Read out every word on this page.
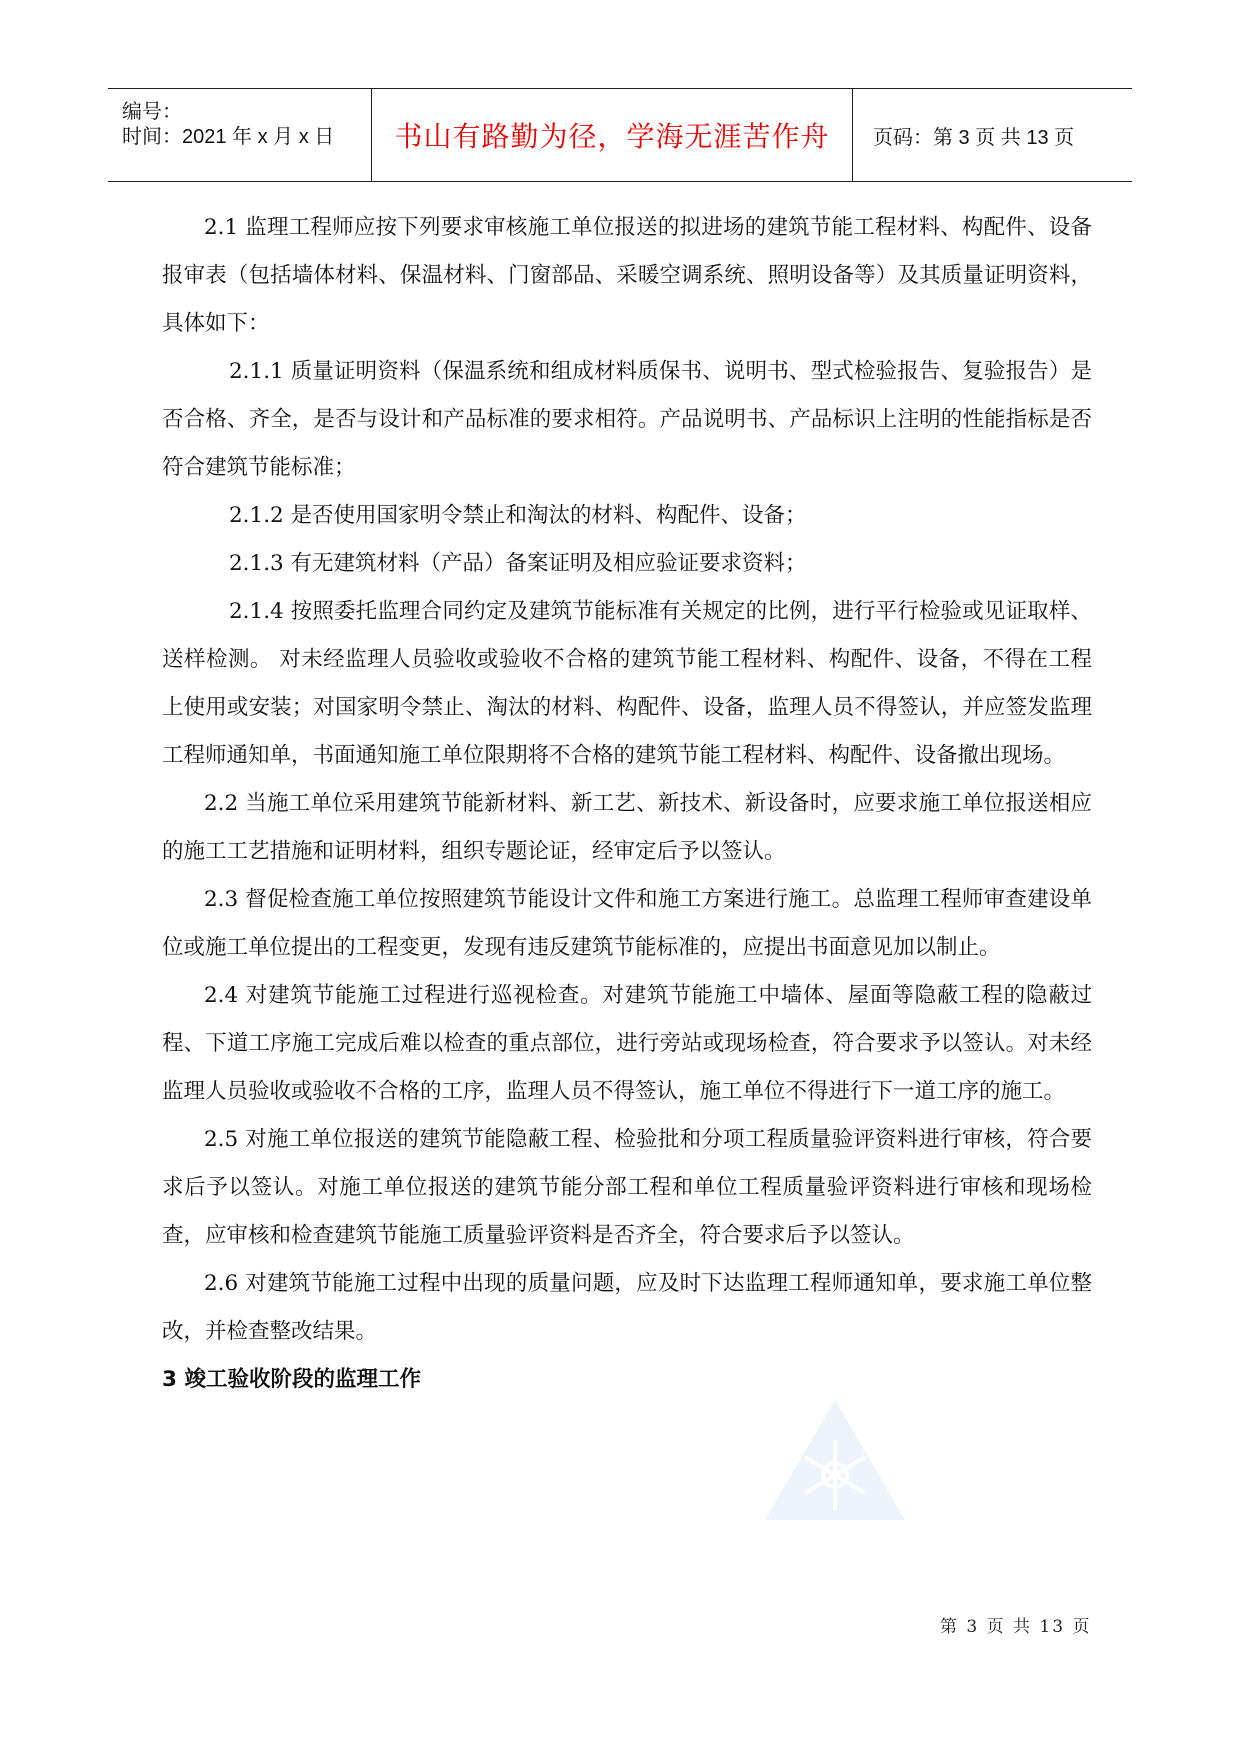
编号：
时间：2021 年 x 月 x 日 书山有路勤为径，学海无涯苦作舟 页码：第 3 页 共 13 页

2.1 监理工程师应按下列要求审核施工单位报送的拟进场的建筑节能工程材料、构配件、设备报审表（包括墙体材料、保温材料、门窗部品、采暖空调系统、照明设备等）及其质量证明资料，具体如下：

2.1.1 质量证明资料（保温系统和组成材料质保书、说明书、型式检验报告、复验报告）是否合格、齐全，是否与设计和产品标准的要求相符。产品说明书、产品标识上注明的性能指标是否符合建筑节能标准；

2.1.2 是否使用国家明令禁止和淘汰的材料、构配件、设备；

2.1.3 有无建筑材料（产品）备案证明及相应验证要求资料；

2.1.4 按照委托监理合同约定及建筑节能标准有关规定的比例，进行平行检验或见证取样、送样检测。 对未经监理人员验收或验收不合格的建筑节能工程材料、构配件、设备，不得在工程上使用或安装；对国家明令禁止、淘汰的材料、构配件、设备，监理人员不得签认，并应签发监理工程师通知单，书面通知施工单位限期将不合格的建筑节能工程材料、构配件、设备撤出现场。

2.2 当施工单位采用建筑节能新材料、新工艺、新技术、新设备时，应要求施工单位报送相应的施工工艺措施和证明材料，组织专题论证，经审定后予以签认。

2.3 督促检查施工单位按照建筑节能设计文件和施工方案进行施工。总监理工程师审查建设单位或施工单位提出的工程变更，发现有违反建筑节能标准的，应提出书面意见加以制止。

2.4 对建筑节能施工过程进行巡视检查。对建筑节能施工中墙体、屋面等隐蔽工程的隐蔽过程、下道工序施工完成后难以检查的重点部位，进行旁站或现场检查，符合要求予以签认。对未经监理人员验收或验收不合格的工序，监理人员不得签认，施工单位不得进行下一道工序的施工。

2.5 对施工单位报送的建筑节能隐蔽工程、检验批和分项工程质量验评资料进行审核，符合要求后予以签认。对施工单位报送的建筑节能分部工程和单位工程质量验评资料进行审核和现场检查，应审核和检查建筑节能施工质量验评资料是否齐全，符合要求后予以签认。

2.6 对建筑节能施工过程中出现的质量问题，应及时下达监理工程师通知单，要求施工单位整改，并检查整改结果。

3 竣工验收阶段的监理工作

第 3 页 共 13 页
